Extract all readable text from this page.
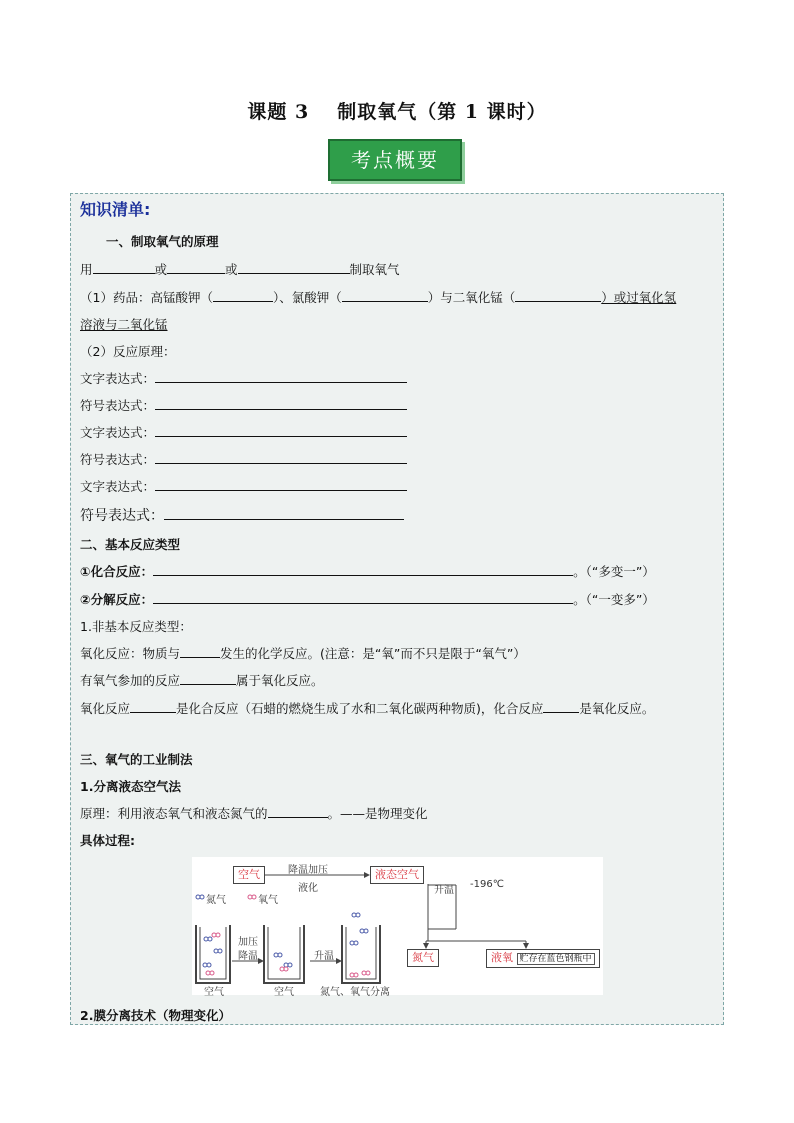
课题 3 制取氧气（第 1 课时）
考点概要
知识清单:
一、制取氧气的原理
用	或	或	制取氧气
（1）药品：高锰酸钾（	）、氯酸钾（	）与二氧化锰（	）或过氧化氢
溶液与二氧化锰
（2）反应原理：
文字表达式：
符号表达式：
文字表达式：
符号表达式：
文字表达式：
符号表达式：
二、基本反应类型
①化合反应：	。（“多变一”）
②分解反应：	。（“一变多”）
1.非基本反应类型：
氧化反应：物质与	发生的化学反应。(注意：是“氧”而不只是限于“氧气”）
有氧气参加的反应	属于氧化反应。
氧化反应	是化合反应（石蜡的燃烧生成了水和二氧化碳两种物质)，化合反应	是氧化反应。
三、氧气的工业制法
1.分离液态空气法
原理：利用液态氧气和液态氮气的	。——是物理变化
具体过程:
空气	降温加压
液化
液态空气
升温
-196℃
氮气	氧气
加压
降温	升温
空气	空气	氮气、氧气分离
氮气	液氧 贮存在蓝色钢瓶中
2.膜分离技术（物理变化）
